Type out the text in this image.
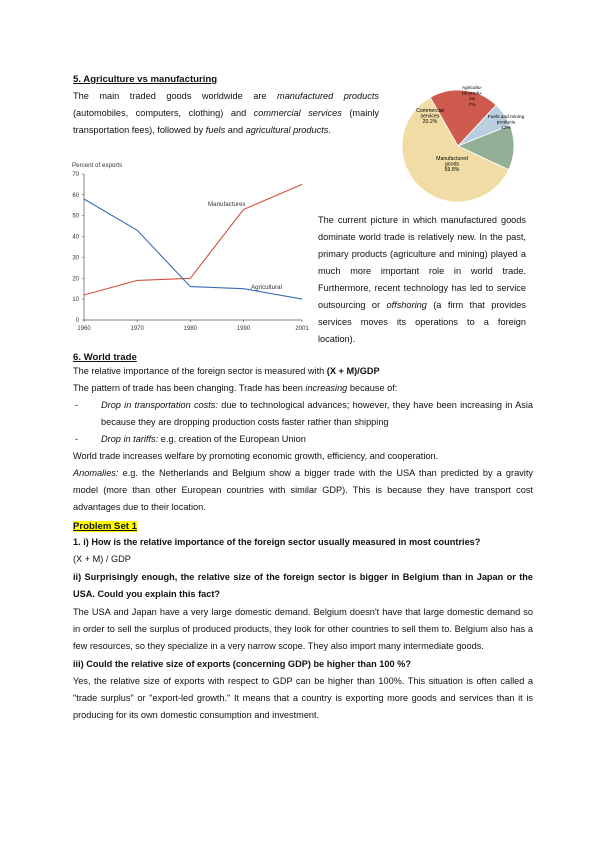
5. Agriculture vs manufacturing
The main traded goods worldwide are manufactured products (automobiles, computers, clothing) and commercial services (mainly transportation fees), followed by fuels and agricultural products.
Commercial services 20.2%
Agricultu-ral produ-cts 7%
Fuels and mining products 13%
Manufactured goods 59.8%
Percent of exports
0
10
20
30
40
50
60
70
1960	1970	1980	1990	2001
Manufactures
Agricultural
The current picture in which manufactured goods dominate world trade is relatively new. In the past, primary products (agriculture and mining) played a much more important role in world trade. Furthermore, recent technology has led to service outsourcing or offshoring (a firm that provides services moves its operations to a foreign location).
6. World trade
The relative importance of the foreign sector is measured with (X + M)/GDP
The pattern of trade has been changing. Trade has been increasing because of:
- Drop in transportation costs: due to technological advances; however, they have been increasing in Asia because they are dropping production costs faster rather than shipping
- Drop in tariffs: e.g. creation of the European Union
World trade increases welfare by promoting economic growth, efficiency, and cooperation.
Anomalies: e.g. the Netherlands and Belgium show a bigger trade with the USA than predicted by a gravity model (more than other European countries with similar GDP). This is because they have transport cost advantages due to their location.
Problem Set 1
1. i) How is the relative importance of the foreign sector usually measured in most countries?
(X + M) / GDP
ii) Surprisingly enough, the relative size of the foreign sector is bigger in Belgium than in Japan or the USA. Could you explain this fact?
The USA and Japan have a very large domestic demand. Belgium doesn't have that large domestic demand so in order to sell the surplus of produced products, they look for other countries to sell them to. Belgium also has a few resources, so they specialize in a very narrow scope. They also import many intermediate goods.
iii) Could the relative size of exports (concerning GDP) be higher than 100 %?
Yes, the relative size of exports with respect to GDP can be higher than 100%. This situation is often called a "trade surplus" or "export-led growth." It means that a country is exporting more goods and services than it is producing for its own domestic consumption and investment.
